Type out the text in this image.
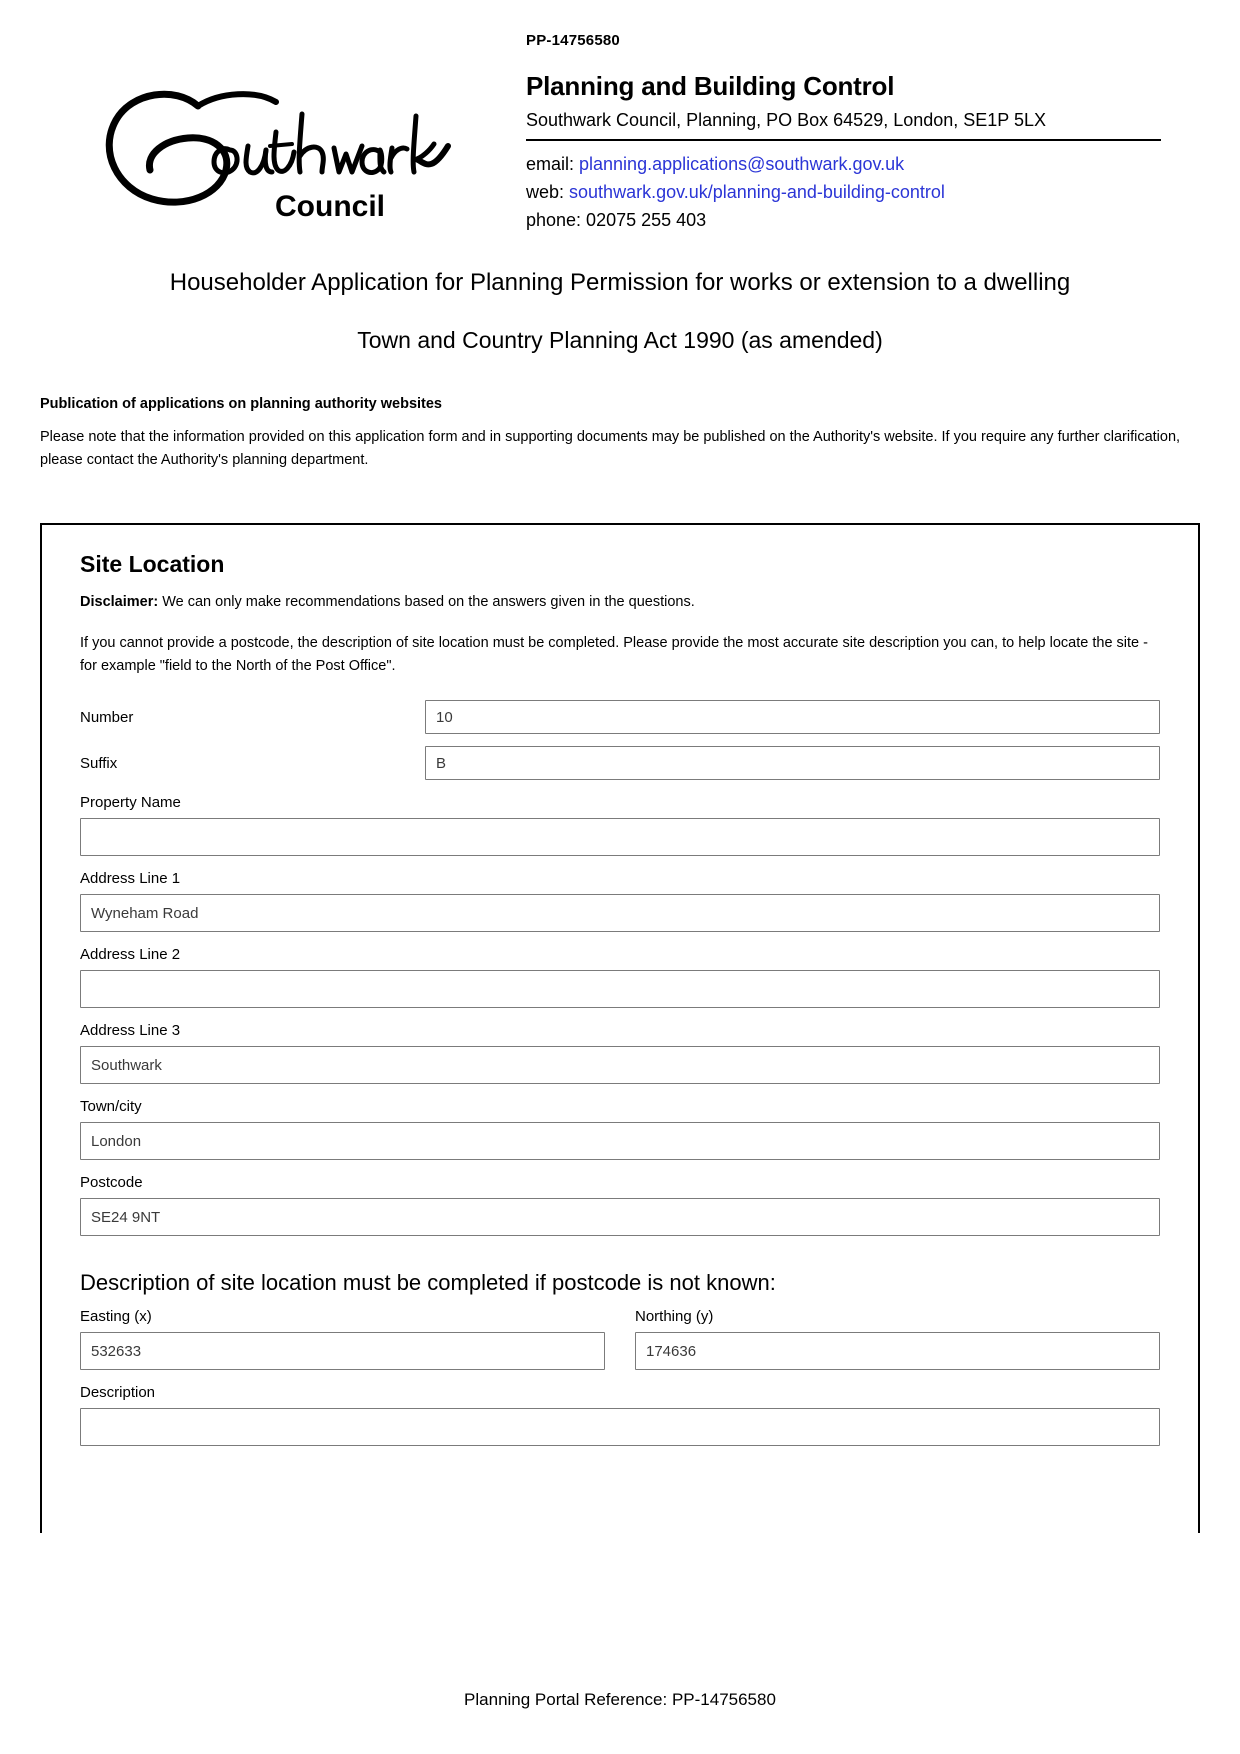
Council
PP-14756580
Planning and Building Control
Southwark Council, Planning, PO Box 64529, London, SE1P 5LX
email: planning.applications@southwark.gov.uk
web: southwark.gov.uk/planning-and-building-control
phone: 02075 255 403
Householder Application for Planning Permission for works or extension to a dwelling
Town and Country Planning Act 1990 (as amended)
Publication of applications on planning authority websites
Please note that the information provided on this application form and in supporting documents may be published on the Authority's website. If you require any further clarification, please contact the Authority's planning department.
Site Location
Disclaimer: We can only make recommendations based on the answers given in the questions.
If you cannot provide a postcode, the description of site location must be completed. Please provide the most accurate site description you can, to help locate the site - for example "field to the North of the Post Office".
Number	10
Suffix	B
Property Name
Address Line 1
Wyneham Road
Address Line 2
Address Line 3
Southwark
Town/city
London
Postcode
SE24 9NT
Description of site location must be completed if postcode is not known:
Easting (x)
532633
Northing (y)
174636
Description
Planning Portal Reference: PP-14756580
